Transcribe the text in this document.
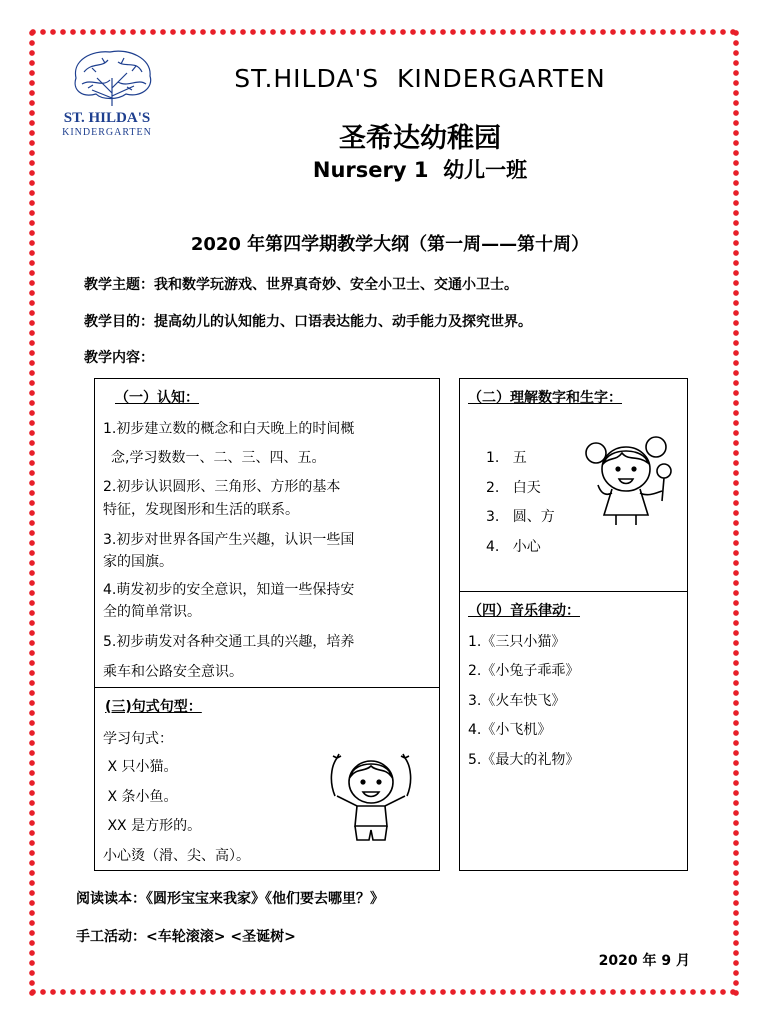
ST. HILDA'S
KINDERGARTEN
ST.HILDA'S  KINDERGARTEN
圣希达幼稚园
Nursery 1  幼儿一班
2020 年第四学期教学大纲（第一周——第十周）
教学主题：我和数学玩游戏、世界真奇妙、安全小卫士、交通小卫士。
教学目的：提高幼儿的认知能力、口语表达能力、动手能力及探究世界。
教学内容：
（一）认知：
1.初步建立数的概念和白天晚上的时间概
念,学习数数一、二、三、四、五。
2.初步认识圆形、三角形、方形的基本
特征，发现图形和生活的联系。
3.初步对世界各国产生兴趣，认识一些国
家的国旗。
4.萌发初步的安全意识，知道一些保持安
全的简单常识。
5.初步萌发对各种交通工具的兴趣，培养
乘车和公路安全意识。
(三)句式句型：
学习句式：
X 只小猫。
X 条小鱼。
XX 是方形的。
小心烫（滑、尖、高）。
（二）理解数字和生字：
1.   五
2.   白天
3.   圆、方
4.   小心
（四）音乐律动：
1.《三只小猫》
2.《小兔子乖乖》
3.《火车快飞》
4.《小飞机》
5.《最大的礼物》
阅读读本：《圆形宝宝来我家》《他们要去哪里？》
手工活动：<车轮滚滚> <圣诞树>
2020 年 9 月
